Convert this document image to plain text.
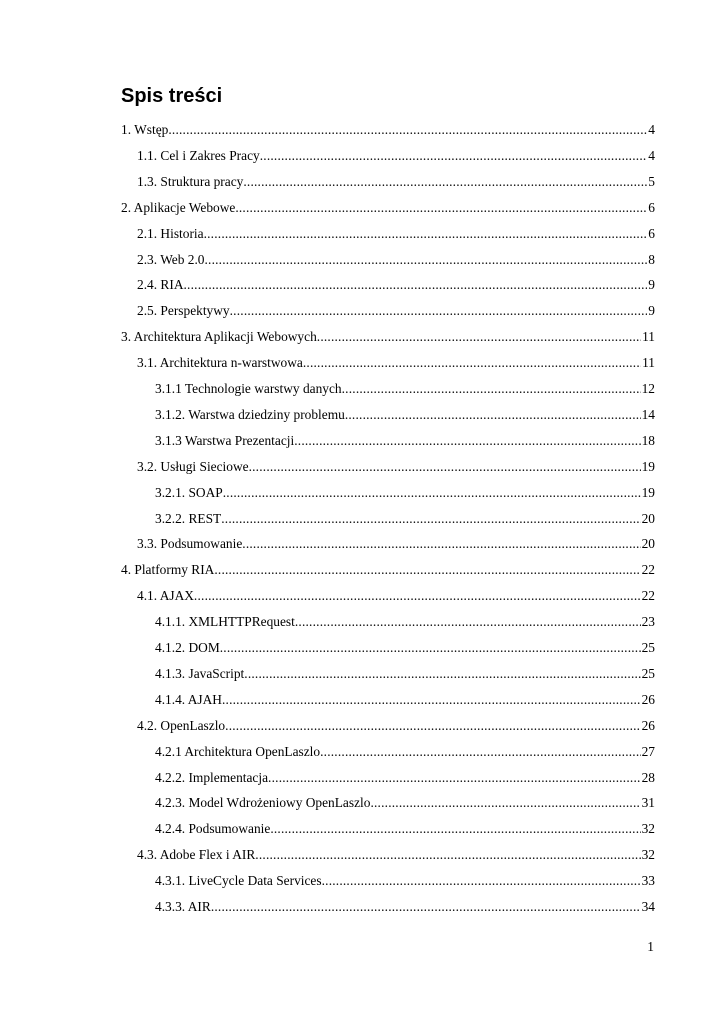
Spis treści
1. Wstęp .....	4
1.1. Cel i Zakres Pracy .....	4
1.3. Struktura pracy .....	5
2. Aplikacje Webowe .....	6
2.1. Historia .....	6
2.3. Web 2.0 .....	8
2.4. RIA .....	9
2.5. Perspektywy .....	9
3. Architektura Aplikacji Webowych .....	11
3.1. Architektura n-warstwowa .....	11
3.1.1 Technologie warstwy danych .....	12
3.1.2. Warstwa dziedziny problemu .....	14
3.1.3 Warstwa Prezentacji .....	18
3.2. Usługi Sieciowe .....	19
3.2.1. SOAP .....	19
3.2.2. REST .....	20
3.3. Podsumowanie .....	20
4. Platformy RIA .....	22
4.1. AJAX .....	22
4.1.1. XMLHTTPRequest .....	23
4.1.2. DOM .....	25
4.1.3. JavaScript .....	25
4.1.4. AJAH .....	26
4.2. OpenLaszlo .....	26
4.2.1 Architektura OpenLaszlo .....	27
4.2.2. Implementacja .....	28
4.2.3. Model Wdrożeniowy OpenLaszlo .....	31
4.2.4. Podsumowanie .....	32
4.3. Adobe Flex i AIR .....	32
4.3.1. LiveCycle Data Services .....	33
4.3.3. AIR .....	34
1
